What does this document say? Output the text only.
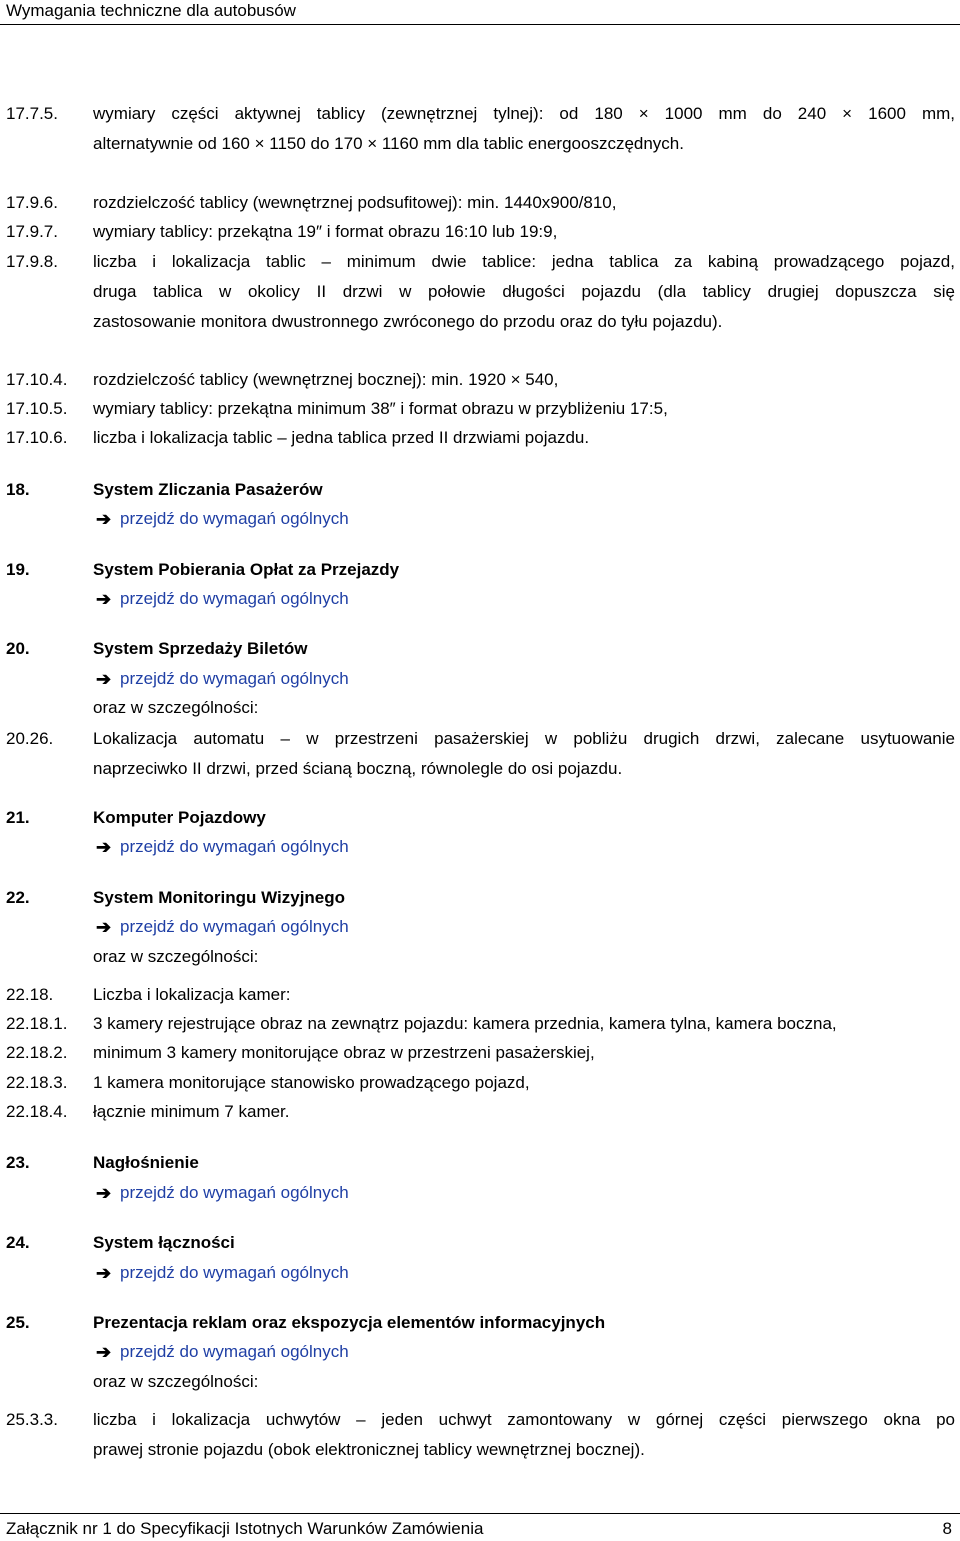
Wymagania techniczne dla autobusów
17.7.5. wymiary części aktywnej tablicy (zewnętrznej tylnej): od 180 × 1000 mm do 240 × 1600 mm,
alternatywnie od 160 × 1150 do 170 × 1160 mm dla tablic energooszczędnych.
17.9.6. rozdzielczość tablicy (wewnętrznej podsufitowej): min. 1440x900/810,
17.9.7. wymiary tablicy: przekątna 19″ i format obrazu 16:10 lub 19:9,
17.9.8. liczba i lokalizacja tablic – minimum dwie tablice: jedna tablica za kabiną prowadzącego pojazd,
druga tablica w okolicy II drzwi w połowie długości pojazdu (dla tablicy drugiej dopuszcza się
zastosowanie monitora dwustronnego zwróconego do przodu oraz do tyłu pojazdu).
17.10.4. rozdzielczość tablicy (wewnętrznej bocznej): min. 1920 × 540,
17.10.5. wymiary tablicy: przekątna minimum 38″ i format obrazu w przybliżeniu 17:5,
17.10.6. liczba i lokalizacja tablic – jedna tablica przed II drzwiami pojazdu.
18.	System Zliczania Pasażerów
➔ przejdź do wymagań ogólnych
19.	System Pobierania Opłat za Przejazdy
➔ przejdź do wymagań ogólnych
20.	System Sprzedaży Biletów
➔ przejdź do wymagań ogólnych
oraz w szczególności:
20.26. Lokalizacja automatu – w przestrzeni pasażerskiej w pobliżu drugich drzwi, zalecane usytuowanie
naprzeciwko II drzwi, przed ścianą boczną, równolegle do osi pojazdu.
21.	Komputer Pojazdowy
➔ przejdź do wymagań ogólnych
22.	System Monitoringu Wizyjnego
➔ przejdź do wymagań ogólnych
oraz w szczególności:
22.18. Liczba i lokalizacja kamer:
22.18.1. 3 kamery rejestrujące obraz na zewnątrz pojazdu: kamera przednia, kamera tylna, kamera boczna,
22.18.2. minimum 3 kamery monitorujące obraz w przestrzeni pasażerskiej,
22.18.3. 1 kamera monitorujące stanowisko prowadzącego pojazd,
22.18.4. łącznie minimum 7 kamer.
23.	Nagłośnienie
➔ przejdź do wymagań ogólnych
24.	System łączności
➔ przejdź do wymagań ogólnych
25.	Prezentacja reklam oraz ekspozycja elementów informacyjnych
➔ przejdź do wymagań ogólnych
oraz w szczególności:
25.3.3. liczba i lokalizacja uchwytów – jeden uchwyt zamontowany w górnej części pierwszego okna po
prawej stronie pojazdu (obok elektronicznej tablicy wewnętrznej bocznej).
Załącznik nr 1 do Specyfikacji Istotnych Warunków Zamówienia	8
